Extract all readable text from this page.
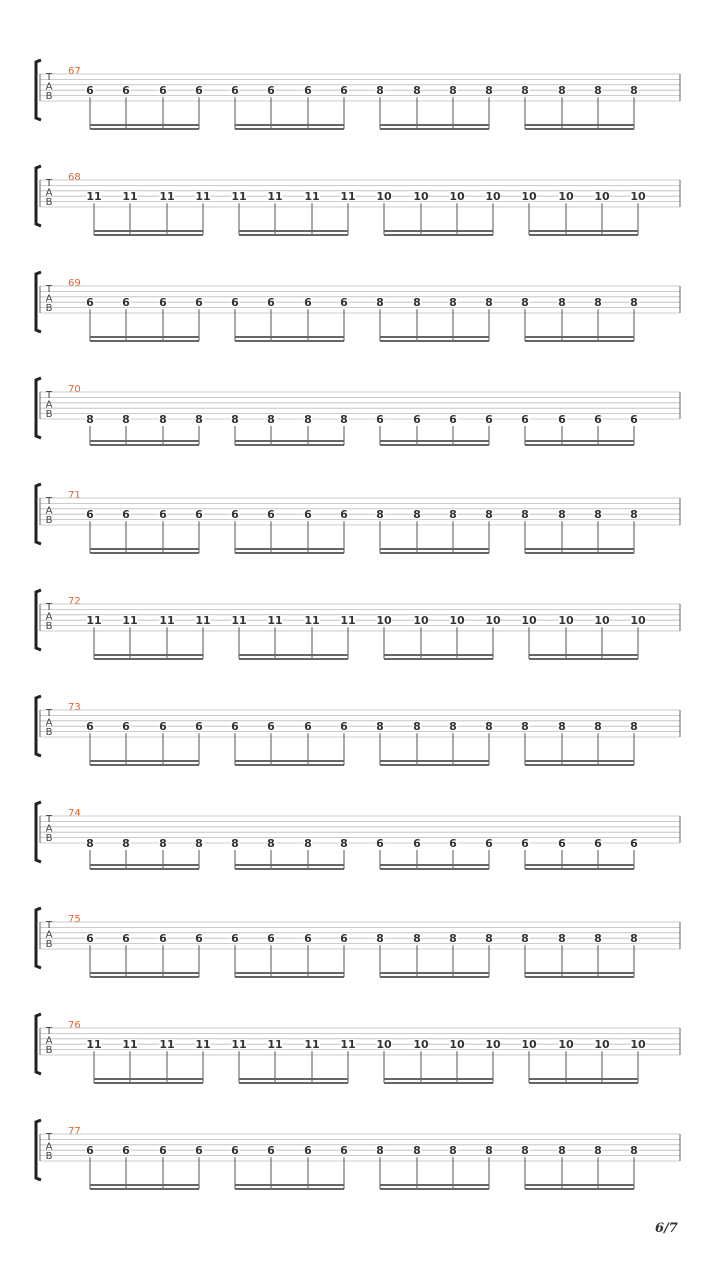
67
T
A
B	6	6	6	6	6	6	6	6	8	8	8	8	8	8	8	8
68
T
A
B	11 11 11 11 11 11 11 11 10 10 10 10 10 10 10 10
69
T
A
B	6	6	6	6	6	6	6	6	8	8	8	8	8	8	8	8
70
T
A
B	8	8	8	8	8	8	8	8	6	6	6	6	6	6	6	6
71
T
A
B	6	6	6	6	6	6	6	6	8	8	8	8	8	8	8	8
72
T
A
B	11 11 11 11 11 11 11 11 10 10 10 10 10 10 10 10
73
T
A
B	6	6	6	6	6	6	6	6	8	8	8	8	8	8	8	8
74
T
A
B	8	8	8	8	8	8	8	8	6	6	6	6	6	6	6	6
75
T
A
B	6	6	6	6	6	6	6	6	8	8	8	8	8	8	8	8
76
T
A
B	11 11 11 11 11 11 11 11 10 10 10 10 10 10 10 10
77
T
A
B	6	6	6	6	6	6	6	6	8	8	8	8	8	8	8	8
6/7
